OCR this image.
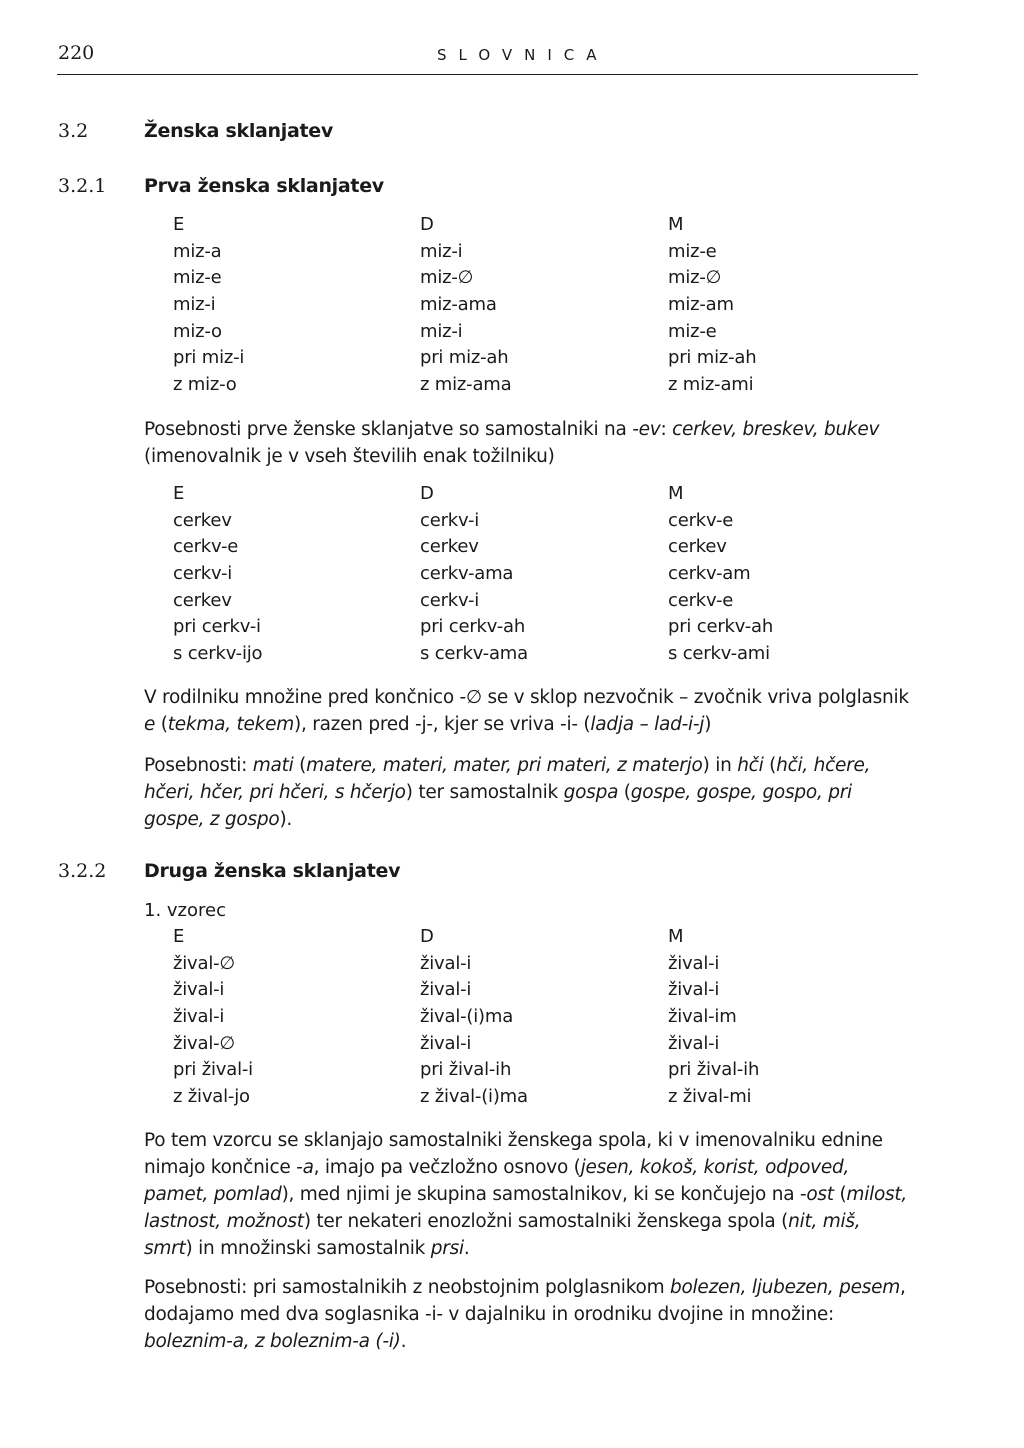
220	SLOVNICA
3.2	Ženska sklanjatev
3.2.1 Prva ženska sklanjatev
E	D	M
miz-a	miz-i	miz-e
miz-e	miz-∅	miz-∅
miz-i	miz-ama	miz-am
miz-o	miz-i	miz-e
pri miz-i	pri miz-ah	pri miz-ah
z miz-o	z miz-ama	z miz-ami

Posebnosti prve ženske sklanjatve so samostalniki na -ev: cerkev, breskev, bukev (imenovalnik je v vseh številih enak tožilniku)

E	D	M
cerkev	cerkv-i	cerkv-e
cerkv-e	cerkev	cerkev
cerkv-i	cerkv-ama	cerkv-am
cerkev	cerkv-i	cerkv-e
pri cerkv-i	pri cerkv-ah	pri cerkv-ah
s cerkv-ijo	s cerkv-ama	s cerkv-ami

V rodilniku množine pred končnico -∅ se v sklop nezvočnik – zvočnik vriva polglasnik e (tekma, tekem), razen pred -j-, kjer se vriva -i- (ladja – lad-i-j)

Posebnosti: mati (matere, materi, mater, pri materi, z materjo) in hči (hči, hčere, hčeri, hčer, pri hčeri, s hčerjo) ter samostalnik gospa (gospe, gospe, gospo, pri gospe, z gospo).

3.2.2 Druga ženska sklanjatev
1. vzorec
E	D	M
žival-∅	žival-i	žival-i
žival-i	žival-i	žival-i
žival-i	žival-(i)ma	žival-im
žival-∅	žival-i	žival-i
pri žival-i	pri žival-ih	pri žival-ih
z žival-jo	z žival-(i)ma	z žival-mi

Po tem vzorcu se sklanjajo samostalniki ženskega spola, ki v imenovalniku ednine nimajo končnice -a, imajo pa večzložno osnovo (jesen, kokoš, korist, odpoved, pamet, pomlad), med njimi je skupina samostalnikov, ki se končujejo na -ost (milost, lastnost, možnost) ter nekateri enozložni samostalniki ženskega spola (nit, miš, smrt) in množinski samostalnik prsi.

Posebnosti: pri samostalnikih z neobstojnim polglasnikom bolezen, ljubezen, pesem, dodajamo med dva soglasnika -i- v dajalniku in orodniku dvojine in množine: boleznim-a, z boleznim-a (-i).
